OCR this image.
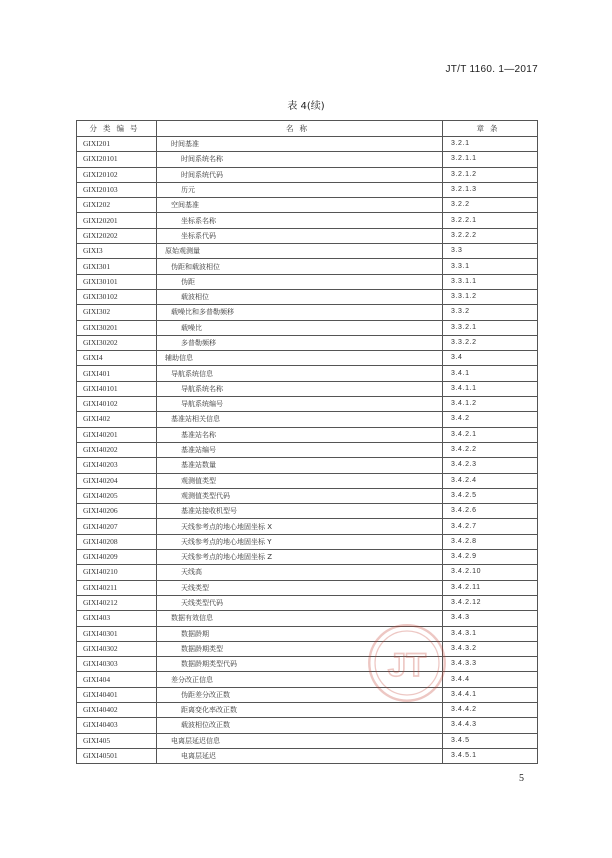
JT/T 1160. 1—2017
表 4(续)
分类编号	名称	章条
GIXI201	时间基准	3.2.1
GIXI20101	时间系统名称	3.2.1.1
GIXI20102	时间系统代码	3.2.1.2
GIXI20103	历元	3.2.1.3
GIXI202	空间基准	3.2.2
GIXI20201	坐标系名称	3.2.2.1
GIXI20202	坐标系代码	3.2.2.2
GIXI3	原始观测量	3.3
GIXI301	伪距和载波相位	3.3.1
GIXI30101	伪距	3.3.1.1
GIXI30102	载波相位	3.3.1.2
GIXI302	载噪比和多普勒频移	3.3.2
GIXI30201	载噪比	3.3.2.1
GIXI30202	多普勒频移	3.3.2.2
GIXI4	辅助信息	3.4
GIXI401	导航系统信息	3.4.1
GIXI40101	导航系统名称	3.4.1.1
GIXI40102	导航系统编号	3.4.1.2
GIXI402	基准站相关信息	3.4.2
GIXI40201	基准站名称	3.4.2.1
GIXI40202	基准站编号	3.4.2.2
GIXI40203	基准站数量	3.4.2.3
GIXI40204	观测值类型	3.4.2.4
GIXI40205	观测值类型代码	3.4.2.5
GIXI40206	基准站接收机型号	3.4.2.6
GIXI40207	天线参考点的地心地固坐标 X	3.4.2.7
GIXI40208	天线参考点的地心地固坐标 Y	3.4.2.8
GIXI40209	天线参考点的地心地固坐标 Z	3.4.2.9
GIXI40210	天线高	3.4.2.10
GIXI40211	天线类型	3.4.2.11
GIXI40212	天线类型代码	3.4.2.12
GIXI403	数据有效信息	3.4.3
GIXI40301	数据龄期	3.4.3.1
GIXI40302	数据龄期类型	3.4.3.2
GIXI40303	数据龄期类型代码	3.4.3.3
GIXI404	差分改正信息	3.4.4
GIXI40401	伪距差分改正数	3.4.4.1
GIXI40402	距离变化率改正数	3.4.4.2
GIXI40403	载波相位改正数	3.4.4.3
GIXI405	电离层延迟信息	3.4.5
GIXI40501	电离层延迟	3.4.5.1
JT
5
